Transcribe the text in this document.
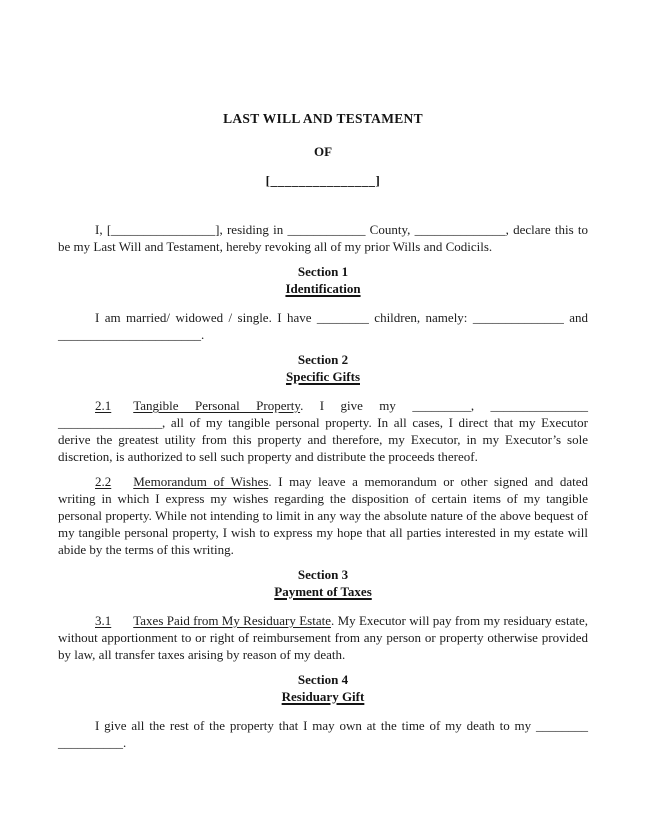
LAST WILL AND TESTAMENT
OF
[_______________]

I, [________________], residing in ____________ County, ______________, declare this to be my Last Will and Testament, hereby revoking all of my prior Wills and Codicils.

Section 1
Identification

I am married/ widowed / single. I have ________ children, namely: ______________ and ______________________.

Section 2
Specific Gifts

2.1 Tangible Personal Property. I give my _________, _______________ ________________, all of my tangible personal property. In all cases, I direct that my Executor derive the greatest utility from this property and therefore, my Executor, in my Executor’s sole discretion, is authorized to sell such property and distribute the proceeds thereof.

2.2 Memorandum of Wishes. I may leave a memorandum or other signed and dated writing in which I express my wishes regarding the disposition of certain items of my tangible personal property. While not intending to limit in any way the absolute nature of the above bequest of my tangible personal property, I wish to express my hope that all parties interested in my estate will abide by the terms of this writing.

Section 3
Payment of Taxes

3.1 Taxes Paid from My Residuary Estate. My Executor will pay from my residuary estate, without apportionment to or right of reimbursement from any person or property otherwise provided by law, all transfer taxes arising by reason of my death.

Section 4
Residuary Gift

I give all the rest of the property that I may own at the time of my death to my ________ __________.
